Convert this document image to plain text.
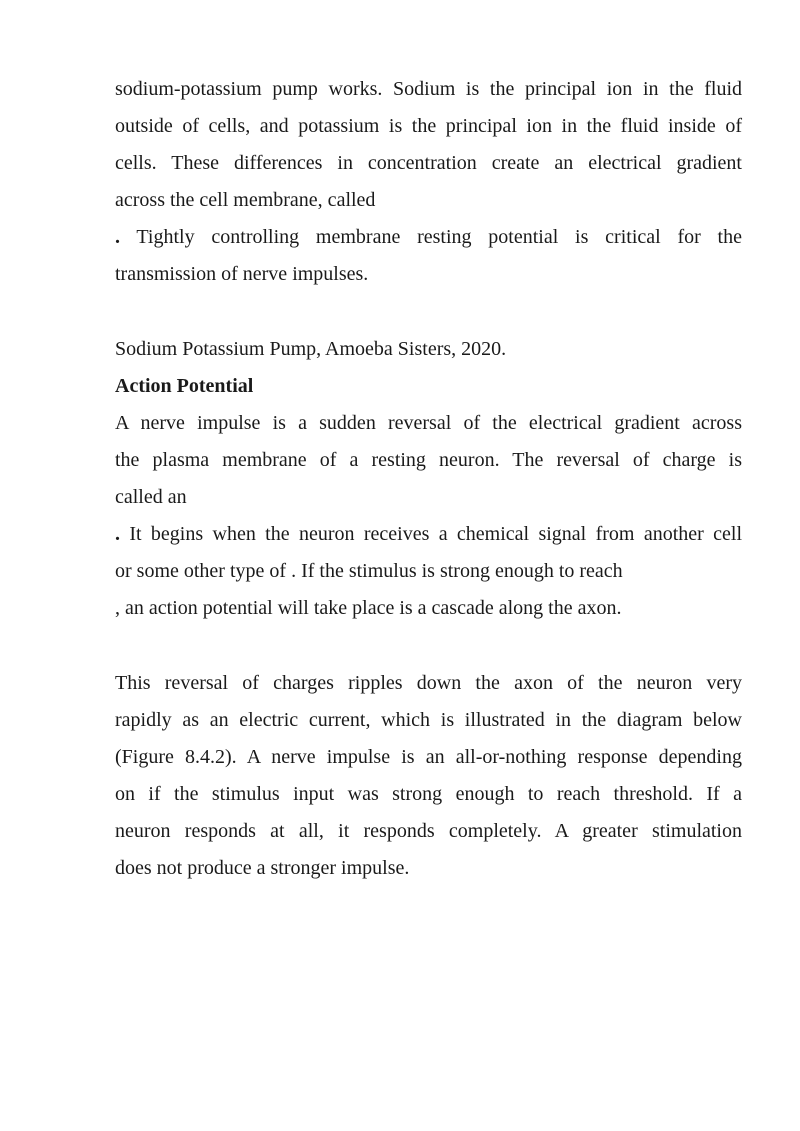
sodium-potassium pump works. Sodium is the principal ion in the fluid
outside of cells, and potassium is the principal ion in the fluid inside of
cells. These differences in concentration create an electrical gradient
across the cell membrane, called
. Tightly controlling membrane resting potential is critical for the
transmission of nerve impulses.

Sodium Potassium Pump, Amoeba Sisters, 2020.

Action Potential

A nerve impulse is a sudden reversal of the electrical gradient across
the plasma membrane of a resting neuron. The reversal of charge is
called an
. It begins when the neuron receives a chemical signal from another cell
or some other type of . If the stimulus is strong enough to reach
, an action potential will take place is a cascade along the axon.
This reversal of charges ripples down the axon of the neuron very
rapidly as an electric current, which is illustrated in the diagram below
(Figure 8.4.2). A nerve impulse is an all-or-nothing response depending
on if the stimulus input was strong enough to reach threshold. If a
neuron responds at all, it responds completely. A greater stimulation
does not produce a stronger impulse.
